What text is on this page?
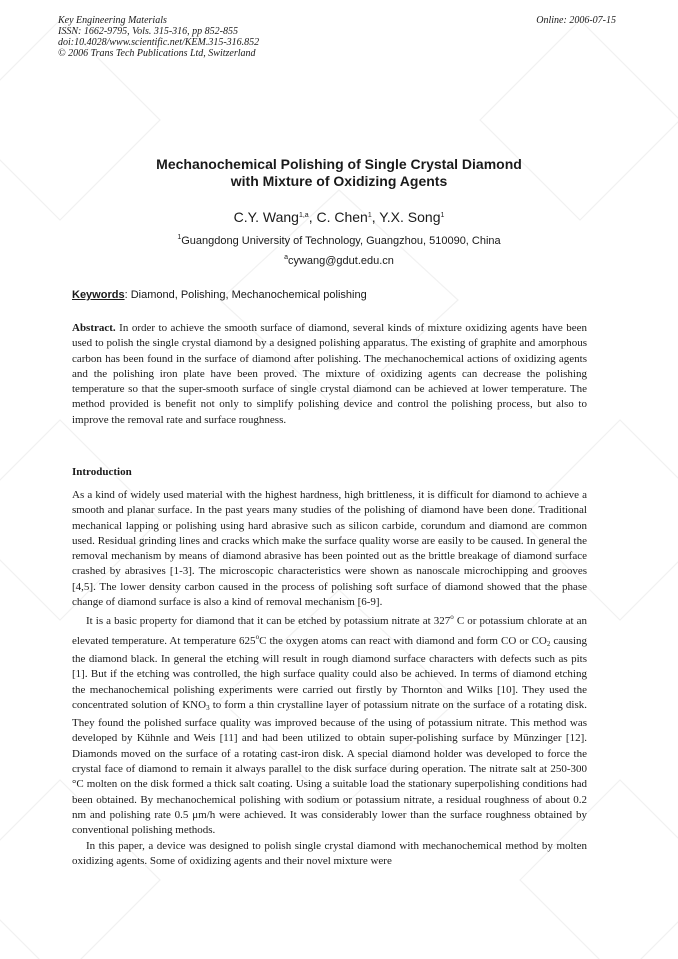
Key Engineering Materials
ISSN: 1662-9795, Vols. 315-316, pp 852-855
doi:10.4028/www.scientific.net/KEM.315-316.852
© 2006 Trans Tech Publications Ltd, Switzerland
Online: 2006-07-15
Mechanochemical Polishing of Single Crystal Diamond
with Mixture of Oxidizing Agents
C.Y. Wang$^{1,a}$, C. Chen$^1$, Y.X. Song$^1$
$^1$Guangdong University of Technology, Guangzhou, 510090, China
$^a$cywang@gdut.edu.cn
Keywords: Diamond, Polishing, Mechanochemical polishing
Abstract. In order to achieve the smooth surface of diamond, several kinds of mixture oxidizing agents have been used to polish the single crystal diamond by a designed polishing apparatus. The existing of graphite and amorphous carbon has been found in the surface of diamond after polishing. The mechanochemical actions of oxidizing agents and the polishing iron plate have been proved. The mixture of oxidizing agents can decrease the polishing temperature so that the super-smooth surface of single crystal diamond can be achieved at lower temperature. The method provided is benefit not only to simplify polishing device and control the polishing process, but also to improve the removal rate and surface roughness.
Introduction

As a kind of widely used material with the highest hardness, high brittleness, it is difficult for diamond to achieve a smooth and planar surface. In the past years many studies of the polishing of diamond have been done. Traditional mechanical lapping or polishing using hard abrasive such as silicon carbide, corundum and diamond are common used. Residual grinding lines and cracks which make the surface quality worse are easily to be caused. In general the removal mechanism by means of diamond abrasive has been pointed out as the brittle breakage of diamond surface crashed by abrasives [1-3]. The microscopic characteristics were shown as nanoscale microchipping and grooves [4,5]. The lower density carbon caused in the process of polishing soft surface of diamond showed that the phase change of diamond surface is also a kind of removal mechanism [6-9].

It is a basic property for diamond that it can be etched by potassium nitrate at 327$^o$ C or potassium chlorate at an elevated temperature. At temperature 625$^o$C the oxygen atoms can react with diamond and form CO or $CO_2$ causing the diamond black. In general the etching will result in rough diamond surface characters with defects such as pits [1]. But if the etching was controlled, the high surface quality could also be achieved. In terms of diamond etching the mechanochemical polishing experiments were carried out firstly by Thornton and Wilks [10]. They used the concentrated solution of $KNO_3$ to form a thin crystalline layer of potassium nitrate on the surface of a rotating disk. They found the polished surface quality was improved because of the using of potassium nitrate. This method was developed by Kühnle and Weis [11] and had been utilized to obtain super-polishing surface by Münzinger [12]. Diamonds moved on the surface of a rotating cast-iron disk. A special diamond holder was developed to force the crystal face of diamond to remain it always parallel to the disk surface during operation. The nitrate salt at 250-300 °C molten on the disk formed a thick salt coating. Using a suitable load the stationary superpolishing conditions had been obtained. By mechanochemical polishing with sodium or potassium nitrate, a residual roughness of about 0.2 nm and polishing rate 0.5 μm/h were achieved. It was considerably lower than the surface roughness obtained by conventional polishing methods.

In this paper, a device was designed to polish single crystal diamond with mechanochemical method by molten oxidizing agents. Some of oxidizing agents and their novel mixture were
